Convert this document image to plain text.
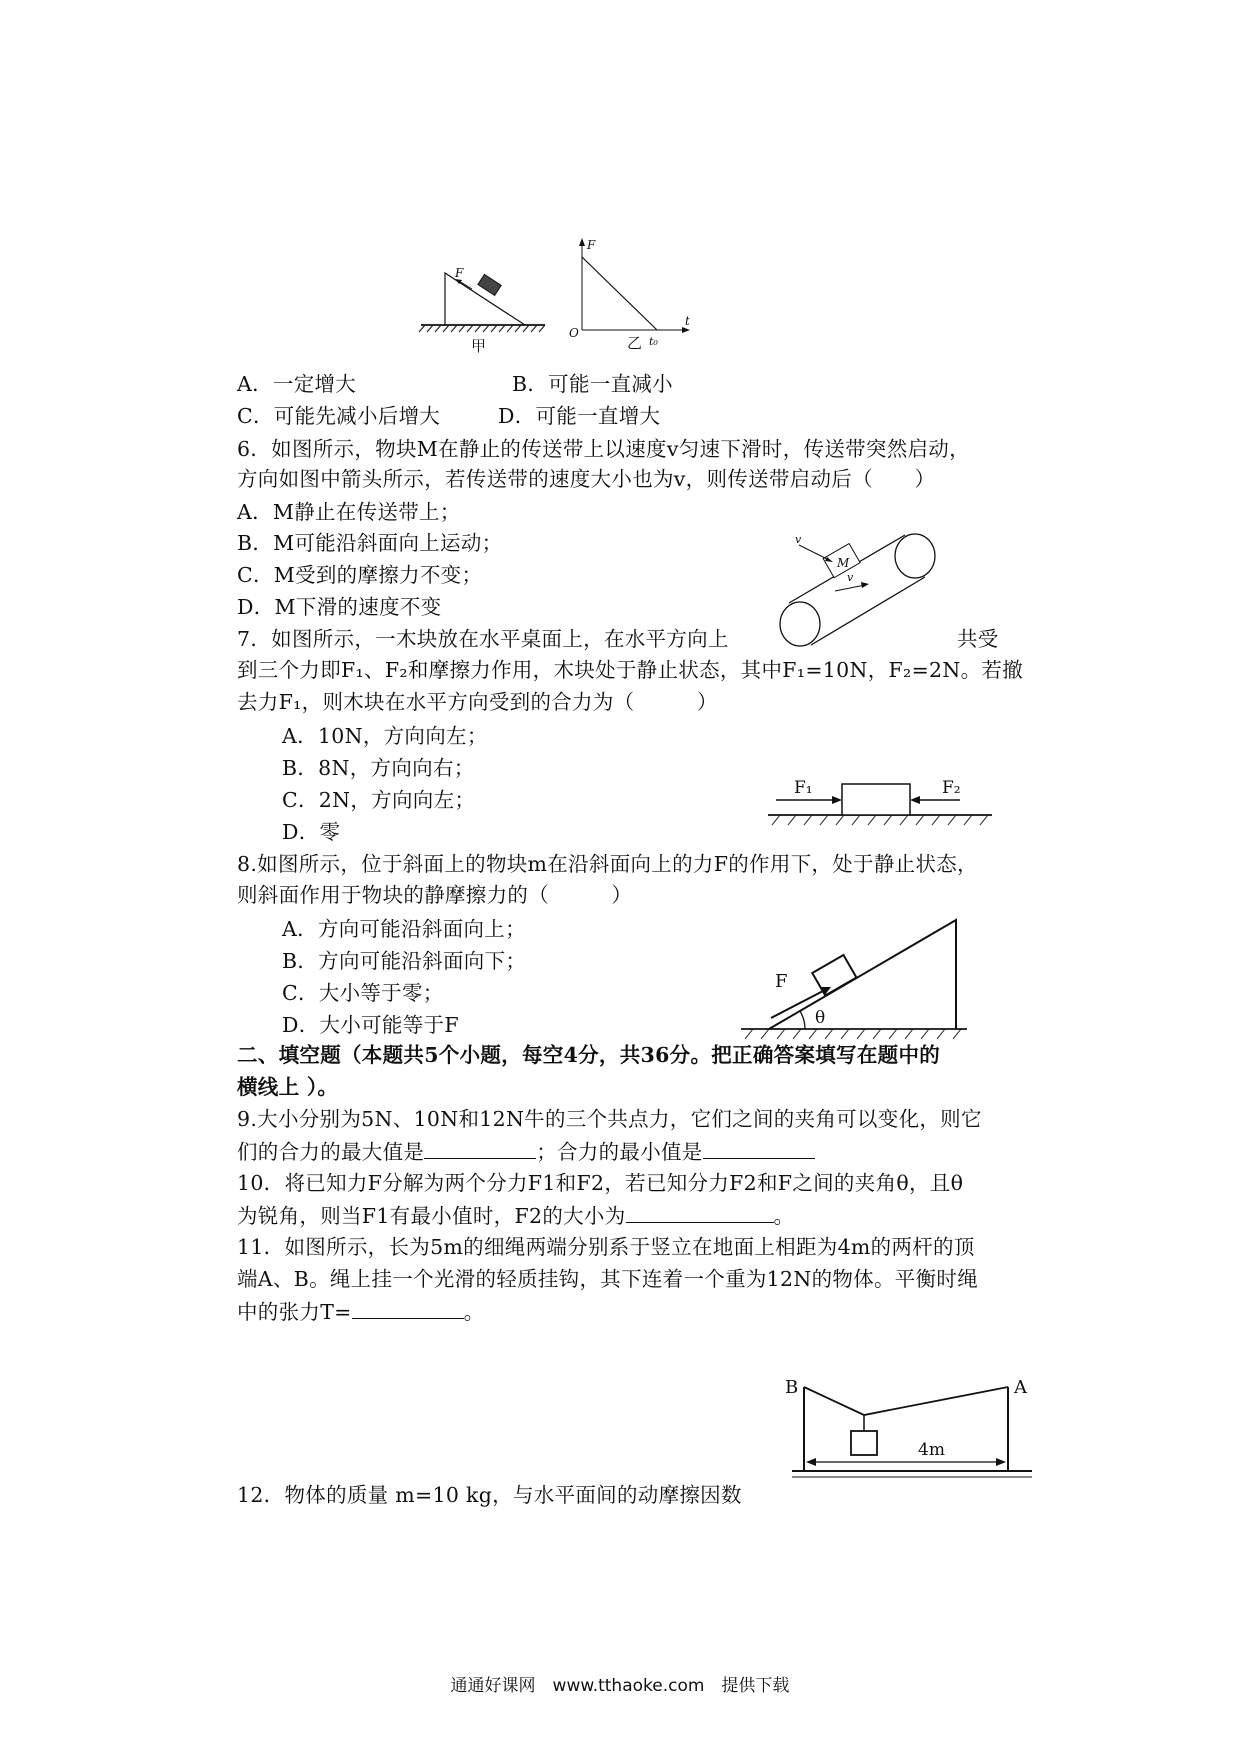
F
甲
F
O
t₀
t
乙
A．一定增大	B．可能一直减小
C．可能先减小后增大	D．可能一直增大
6．如图所示，物块M在静止的传送带上以速度v匀速下滑时，传送带突然启动，
方向如图中箭头所示，若传送带的速度大小也为v，则传送带启动后（　　）
A．M静止在传送带上；
B．M可能沿斜面向上运动；
C．M受到的摩擦力不变；
D．M下滑的速度不变
M
v
v
7．如图所示，一木块放在水平桌面上，在水平方向上	共受
到三个力即F₁、F₂和摩擦力作用，木块处于静止状态，其中F₁=10N，F₂=2N。若撤
去力F₁，则木块在水平方向受到的合力为（　　　）
A．10N，方向向左；
B．8N，方向向右；
C．2N，方向向左；
D．零
F₁	F₂
8.如图所示，位于斜面上的物块m在沿斜面向上的力F的作用下，处于静止状态，
则斜面作用于物块的静摩擦力的（　　　）
A．方向可能沿斜面向上；
B．方向可能沿斜面向下；
C．大小等于零；
D．大小可能等于F
F
θ
二、填空题（本题共5个小题，每空4分，共36分。把正确答案填写在题中的
横线上 ）。
9.大小分别为5N、10N和12N牛的三个共点力，它们之间的夹角可以变化，则它
们的合力的最大值是	；合力的最小值是
10．将已知力F分解为两个分力F1和F2，若已知分力F2和F之间的夹角θ，且θ
为锐角，则当F1有最小值时，F2的大小为	。
11．如图所示，长为5m的细绳两端分别系于竖立在地面上相距为4m的两杆的顶
端A、B。绳上挂一个光滑的轻质挂钩，其下连着一个重为12N的物体。平衡时绳
中的张力T=	。
B	A
4m
12．物体的质量 m=10 kg，与水平面间的动摩擦因数
通通好课网　www.tthaoke.com　提供下载
